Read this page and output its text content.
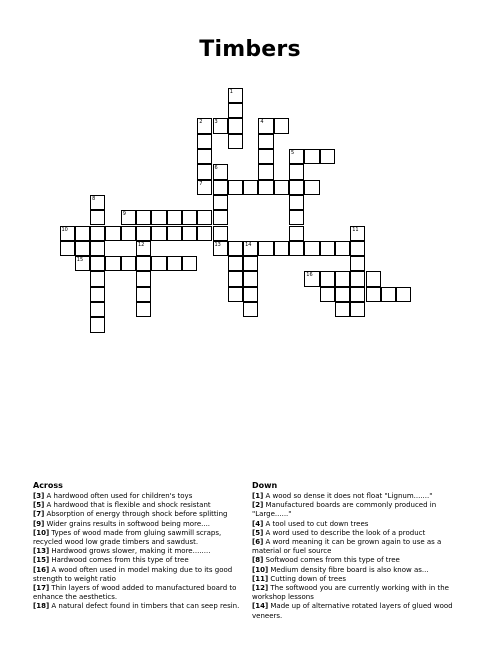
Timbers
10
15
8
9
12
2
7
3
6
13
1
14
4
5
16
11
Across
[3] A hardwood often used for children's toys
[5] A hardwood that is flexible and shock resistant
[7] Absorption of energy through shock before splitting
[9] Wider grains results in softwood being more....
[10] Types of wood made from gluing sawmill scraps, recycled wood low grade timbers and sawdust.
[13] Hardwood grows slower, making it more........
[15] Hardwood comes from this type of tree
[16] A wood often used in model making due to its good strength to weight ratio
[17] Thin layers of wood added to manufactured board to enhance the aesthetics.
[18] A natural defect found in timbers that can seep resin.
Down
[1] A wood so dense it does not float "Lignum......."
[2] Manufactured boards are commonly produced in "Large......"
[4] A tool used to cut down trees
[5] A word used to describe the look of a product
[6] A word meaning it can be grown again to use as a material or fuel source
[8] Softwood comes from this type of tree
[10] Medium density fibre board is also know as...
[11] Cutting down of trees
[12] The softwood you are currently working with in the workshop lessons
[14] Made up of alternative rotated layers of glued wood veneers.
